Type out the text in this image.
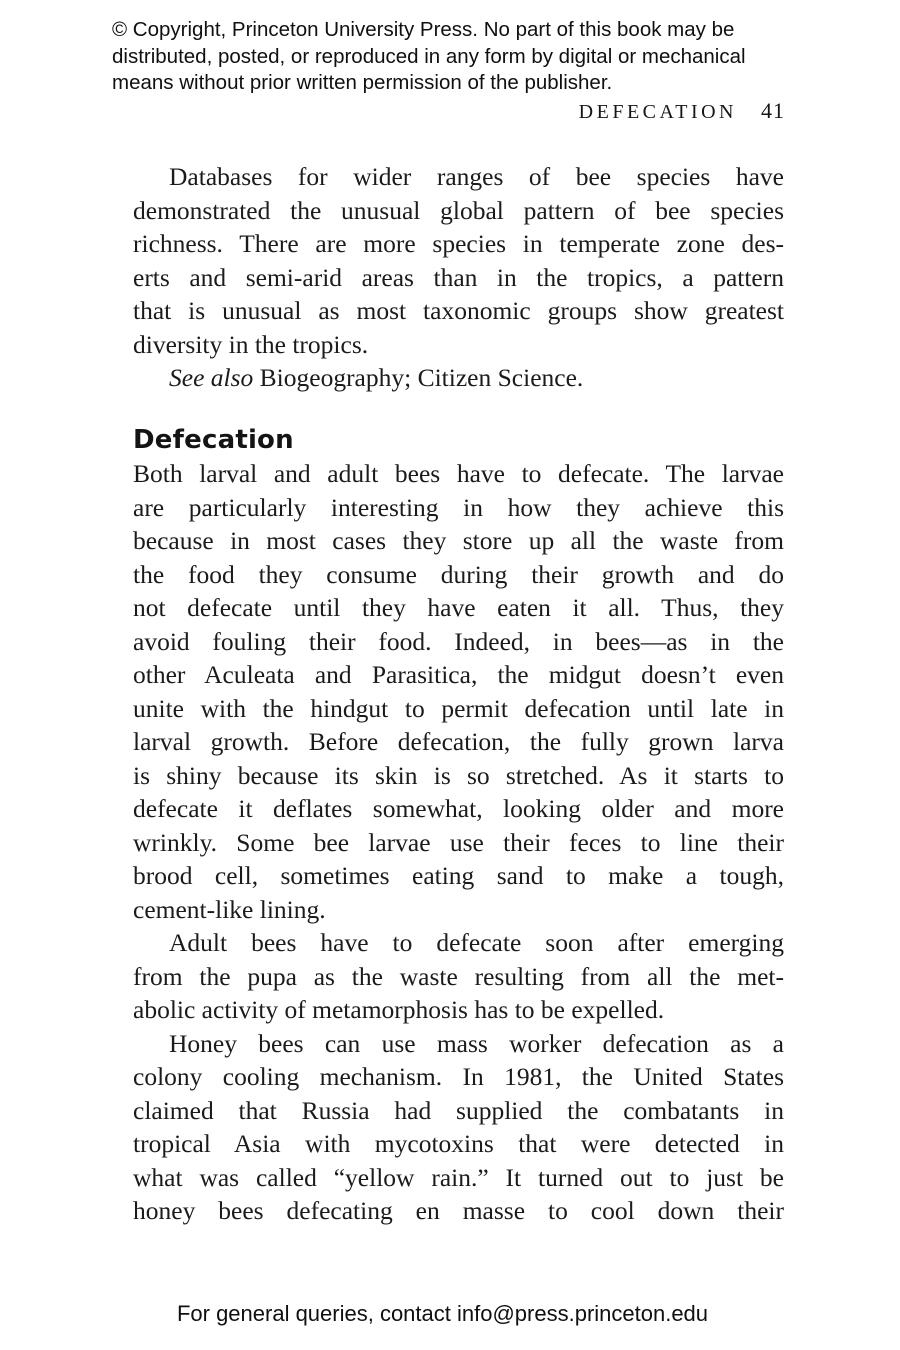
© Copyright, Princeton University Press. No part of this book may be
distributed, posted, or reproduced in any form by digital or mechanical
means without prior written permission of the publisher.
DEFECATION 41
Databases for wider ranges of bee species have
demonstrated the unusual global pattern of bee species
richness. There are more species in temperate zone des-
erts and semi-arid areas than in the tropics, a pattern
that is unusual as most taxonomic groups show greatest
diversity in the tropics.
See also Biogeography; Citizen Science.
Defecation
Both larval and adult bees have to defecate. The larvae
are particularly interesting in how they achieve this
because in most cases they store up all the waste from
the food they consume during their growth and do
not defecate until they have eaten it all. Thus, they
avoid fouling their food. Indeed, in bees—as in the
other Aculeata and Parasitica, the midgut doesn’t even
unite with the hindgut to permit defecation until late in
larval growth. Before defecation, the fully grown larva
is shiny because its skin is so stretched. As it starts to
defecate it deflates somewhat, looking older and more
wrinkly. Some bee larvae use their feces to line their
brood cell, sometimes eating sand to make a tough,
cement-like lining.
Adult bees have to defecate soon after emerging
from the pupa as the waste resulting from all the met-
abolic activity of metamorphosis has to be expelled.
Honey bees can use mass worker defecation as a
colony cooling mechanism. In 1981, the United States
claimed that Russia had supplied the combatants in
tropical Asia with mycotoxins that were detected in
what was called “yellow rain.” It turned out to just be
honey bees defecating en masse to cool down their
For general queries, contact info@press.princeton.edu
